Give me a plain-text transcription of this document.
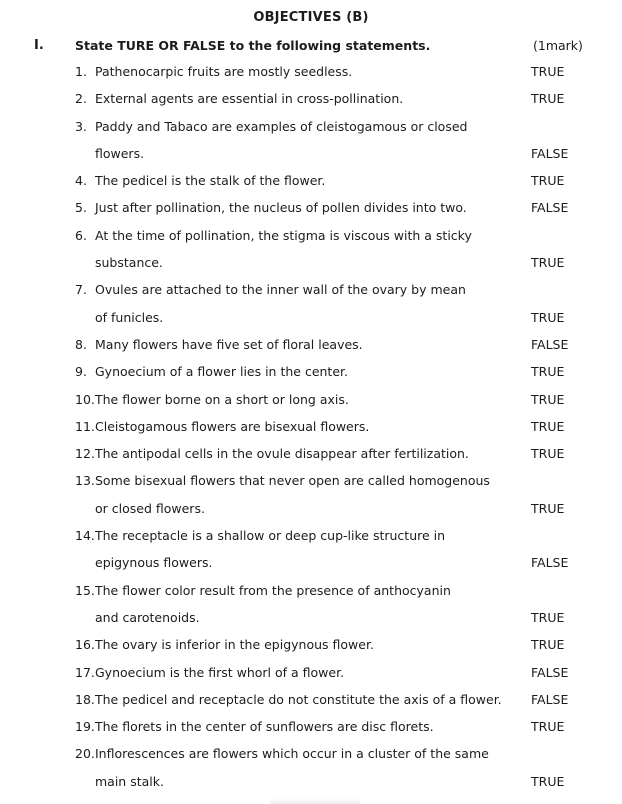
OBJECTIVES (B)
I. State TURE OR FALSE to the following statements.	(1mark)
1. Pathenocarpic fruits are mostly seedless.	TRUE
2. External agents are essential in cross-pollination.	TRUE
3. Paddy and Tabaco are examples of cleistogamous or closed
flowers.	FALSE
4. The pedicel is the stalk of the flower.	TRUE
5. Just after pollination, the nucleus of pollen divides into two.	FALSE
6. At the time of pollination, the stigma is viscous with a sticky
substance.	TRUE
7. Ovules are attached to the inner wall of the ovary by mean
of funicles.	TRUE
8. Many flowers have five set of floral leaves.	FALSE
9. Gynoecium of a flower lies in the center.	TRUE
10. The flower borne on a short or long axis.	TRUE
11. Cleistogamous flowers are bisexual flowers.	TRUE
12. The antipodal cells in the ovule disappear after fertilization.	TRUE
13. Some bisexual flowers that never open are called homogenous
or closed flowers.	TRUE
14. The receptacle is a shallow or deep cup-like structure in
epigynous flowers.	FALSE
15. The flower color result from the presence of anthocyanin
and carotenoids.	TRUE
16. The ovary is inferior in the epigynous flower.	TRUE
17. Gynoecium is the first whorl of a flower.	FALSE
18. The pedicel and receptacle do not constitute the axis of a flower. FALSE
19. The florets in the center of sunflowers are disc florets.	TRUE
20. Inflorescences are flowers which occur in a cluster of the same
main stalk.	TRUE
